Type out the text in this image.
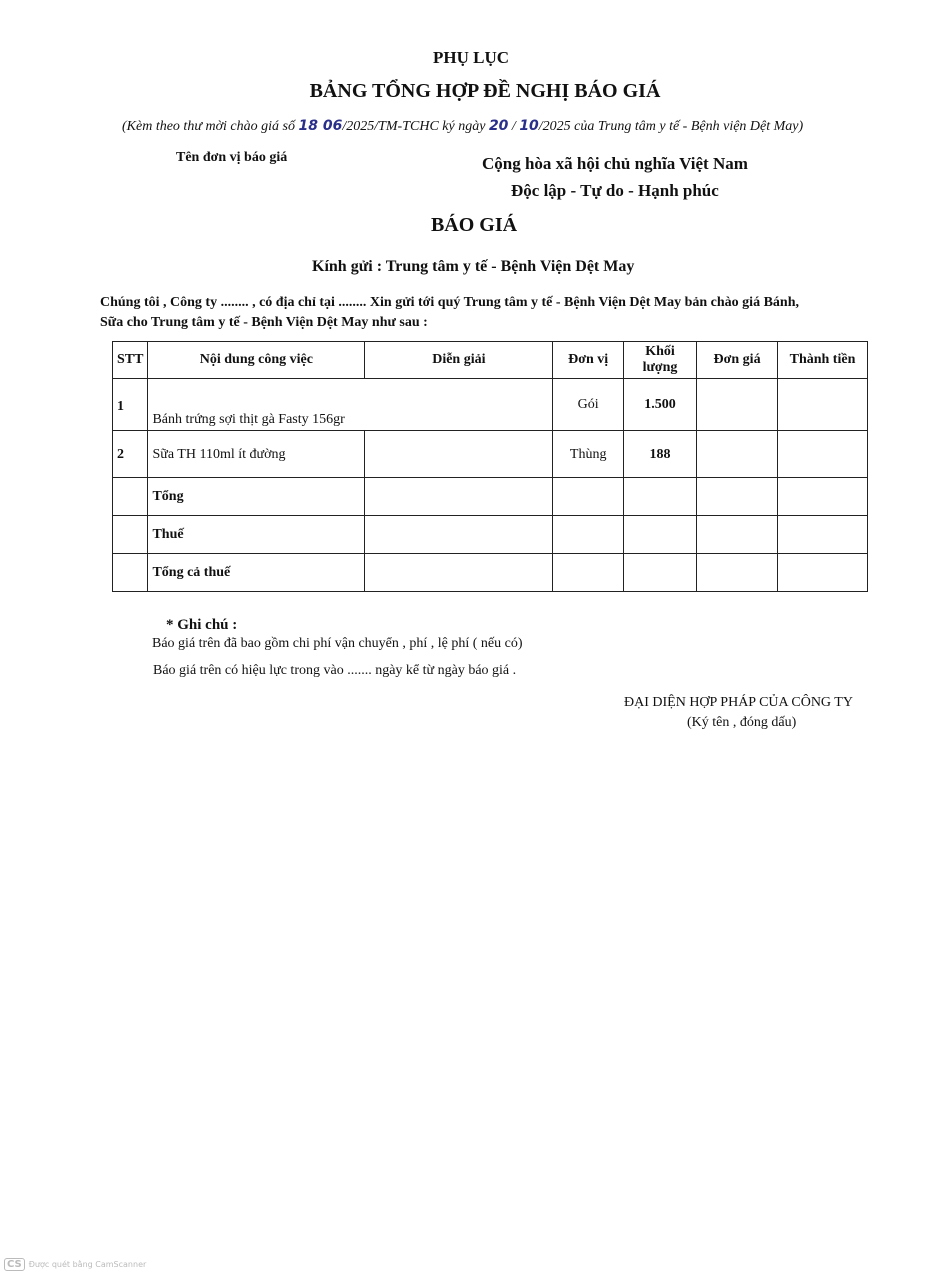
PHỤ LỤC
BẢNG TỔNG HỢP ĐỀ NGHỊ BÁO GIÁ
(Kèm theo thư mời chào giá số 18 06/2025/TM-TCHC ký ngày 20 / 10/2025 của Trung tâm y tế - Bệnh viện Dệt May)
Tên đơn vị báo giá	Cộng hòa xã hội chủ nghĩa Việt Nam
Độc lập - Tự do - Hạnh phúc
BÁO GIÁ
Kính gửi : Trung tâm y tế - Bệnh Viện Dệt May
Chúng tôi , Công ty ........ , có địa chỉ tại ........ Xin gửi tới quý Trung tâm y tế - Bệnh Viện Dệt May bản chào giá Bánh,
Sữa cho Trung tâm y tế - Bệnh Viện Dệt May như sau :
STT	Nội dung công việc	Diễn giải	Đơn vị	Khối lượng	Đơn giá	Thành tiền
1	Bánh trứng sợi thịt gà Fasty 156gr		Gói	1.500		
2	Sữa TH 110ml ít đường		Thùng	188		
	Tổng					
	Thuế					
	Tổng cả thuế					
* Ghi chú :
Báo giá trên đã bao gồm chi phí vận chuyển , phí , lệ phí ( nếu có)
Báo giá trên có hiệu lực trong vào ....... ngày kể từ ngày báo giá .
ĐẠI DIỆN HỢP PHÁP CỦA CÔNG TY
(Ký tên , đóng dấu)
CS Được quét bằng CamScanner
